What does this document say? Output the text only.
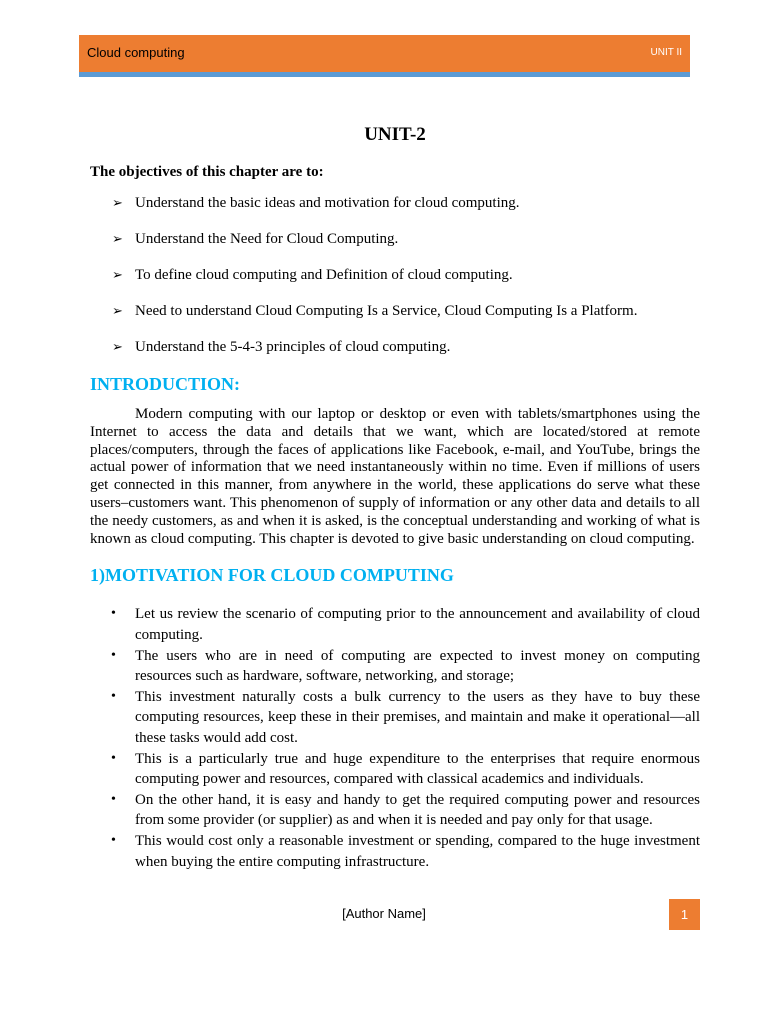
Cloud computing	UNIT II
UNIT-2

The objectives of this chapter are to:

➢ Understand the basic ideas and motivation for cloud computing.
➢ Understand the Need for Cloud Computing.
➢ To define cloud computing and Definition of cloud computing.
➢ Need to understand Cloud Computing Is a Service, Cloud Computing Is a Platform.
➢ Understand the 5-4-3 principles of cloud computing.
INTRODUCTION:

Modern computing with our laptop or desktop or even with tablets/smartphones using the Internet to access the data and details that we want, which are located/stored at remote places/computers, through the faces of applications like Facebook, e-mail, and YouTube, brings the actual power of information that we need instantaneously within no time. Even if millions of users get connected in this manner, from anywhere in the world, these applications do serve what these users–customers want. This phenomenon of supply of information or any other data and details to all the needy customers, as and when it is asked, is the conceptual understanding and working of what is known as cloud computing. This chapter is devoted to give basic understanding on cloud computing.

1)MOTIVATION FOR CLOUD COMPUTING
• Let us review the scenario of computing prior to the announcement and availability of cloud computing.
• The users who are in need of computing are expected to invest money on computing resources such as hardware, software, networking, and storage;
• This investment naturally costs a bulk currency to the users as they have to buy these computing resources, keep these in their premises, and maintain and make it operational—all these tasks would add cost.
• This is a particularly true and huge expenditure to the enterprises that require enormous computing power and resources, compared with classical academics and individuals.
• On the other hand, it is easy and handy to get the required computing power and resources from some provider (or supplier) as and when it is needed and pay only for that usage.
• This would cost only a reasonable investment or spending, compared to the huge investment when buying the entire computing infrastructure.
[Author Name]	1
